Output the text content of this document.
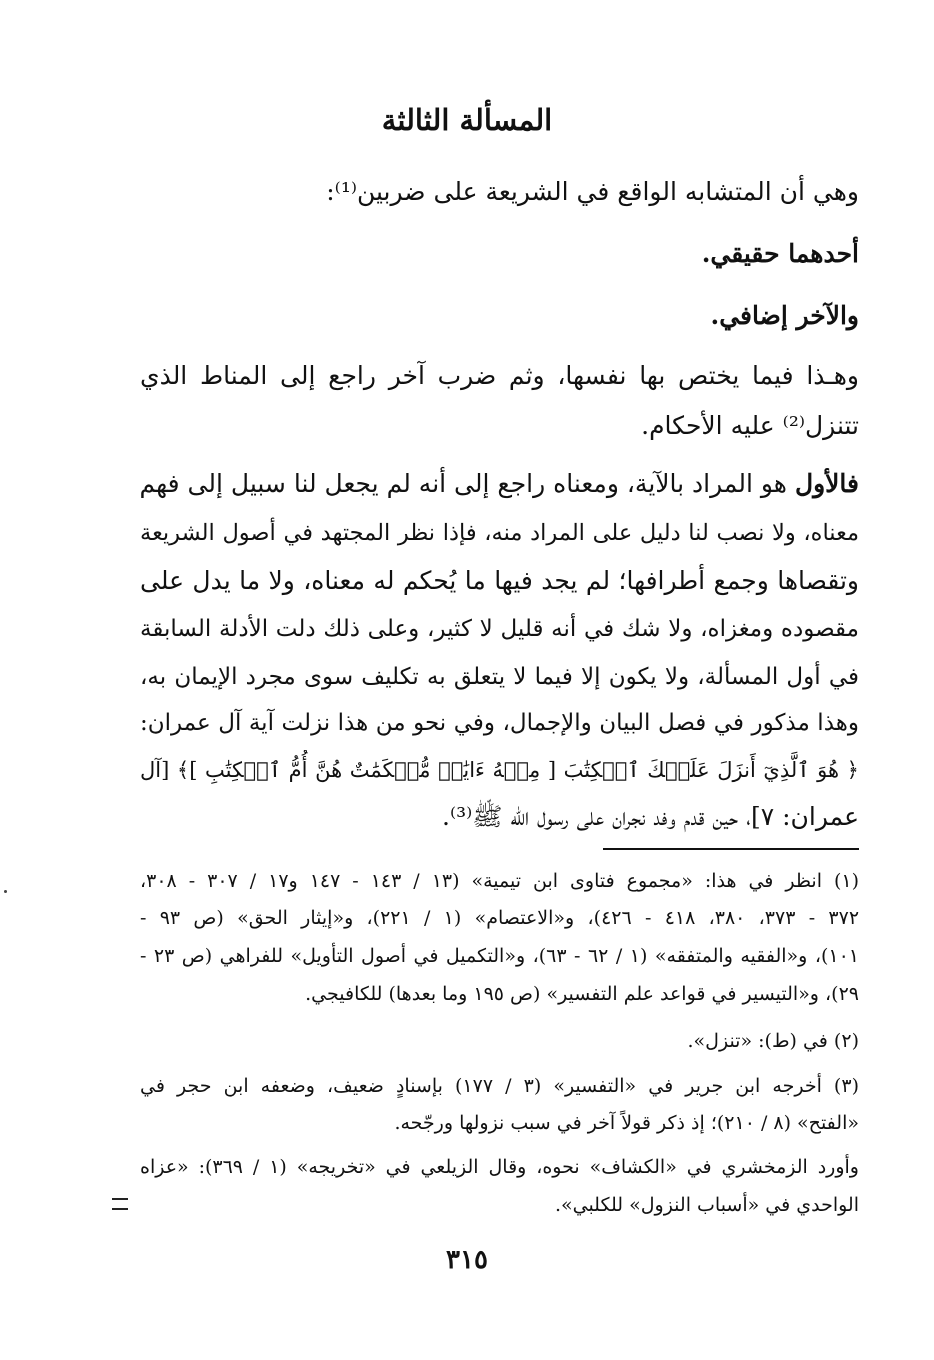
المسألة الثالثة
وهي أن المتشابه الواقع في الشريعة على ضربين⁽¹⁾:
أحدهما حقيقي.
والآخر إضافي.
وهـذا فيما يختص بها نفسها، وثم ضرب آخر راجع إلى المناط الذي
تتنزل⁽²⁾ عليه الأحكام.
فالأول هو المراد بالآية، ومعناه راجع إلى أنه لم يجعل لنا سبيل إلى فهم
معناه، ولا نصب لنا دليل على المراد منه، فإذا نظر المجتهد في أصول الشريعة
وتقصاها وجمع أطرافها؛ لم يجد فيها ما يُحكم له معناه، ولا ما يدل على
مقصوده ومغزاه، ولا شك في أنه قليل لا كثير، وعلى ذلك دلت الأدلة السابقة
في أول المسألة، ولا يكون إلا فيما لا يتعلق به تكليف سوى مجرد الإيمان به،
وهذا مذكور في فصل البيان والإجمال، وفي نحو من هذا نزلت آية آل عمران:
﴿ هُوَ ٱلَّذِيٓ أَنزَلَ عَلَيۡكَ ٱلۡكِتَٰبَ [ مِنۡهُ ءَايَٰتٞ مُّحۡكَمَٰتٌ هُنَّ أُمُّ ٱلۡكِتَٰبِ ]﴾ [آل
عمران: ٧]، حين قدم وفد نجران على رسول الله ﷺ⁽³⁾.
(١) انظر في هذا: «مجموع فتاوى ابن تيمية» (١٣ / ١٤٣ - ١٤٧ و١٧ / ٣٠٧ - ٣٠٨،
٣٧٢ - ٣٧٣، ٣٨٠، ٤١٨ - ٤٢٦)، و«الاعتصام» (١ / ٢٢١)، و«إيثار الحق» (ص ٩٣ -
١٠١)، و«الفقيه والمتفقه» (١ / ٦٢ - ٦٣)، و«التكميل في أصول التأويل» للفراهي (ص ٢٣ -
٢٩)، و«التيسير في قواعد علم التفسير» (ص ١٩٥ وما بعدها) للكافيجي.
(٢) في (ط): «تنزل».
(٣) أخرجه ابن جرير في «التفسير» (٣ / ١٧٧) بإسنادٍ ضعيف، وضعفه ابن حجر في
«الفتح» (٨ / ٢١٠)؛ إذ ذكر قولاً آخر في سبب نزولها ورجّحه.
وأورد الزمخشري في «الكشاف» نحوه، وقال الزيلعي في «تخريجه» (١ / ٣٦٩): «عزاه
الواحدي في «أسباب النزول» للكلبي».
٣١٥
